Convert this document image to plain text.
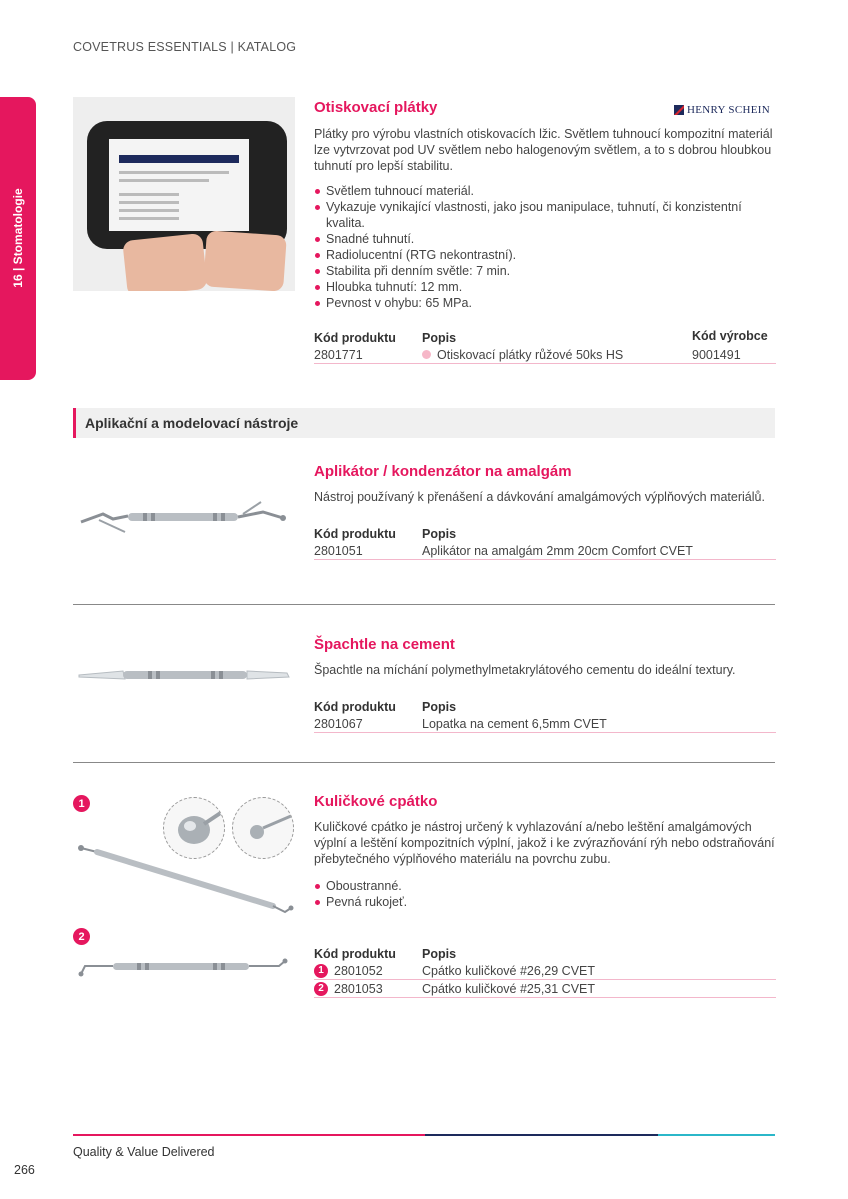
COVETRUS ESSENTIALS | KATALOG
16 | Stomatologie
Otiskovací plátky	HENRY SCHEIN
Plátky pro výrobu vlastních otiskovacích lžic. Světlem tuhnoucí kompozitní materiál lze vytvrzovat pod UV světlem nebo halogenovým světlem, a to s dobrou hloubkou tuhnutí pro lepší stabilitu.
Světlem tuhnoucí materiál.
Vykazuje vynikající vlastnosti, jako jsou manipulace, tuhnutí, či konzistentní kvalita.
Snadné tuhnutí.
Radiolucentní (RTG nekontrastní).
Stabilita při denním světle: 7 min.
Hloubka tuhnutí: 12 mm.
Pevnost v ohybu: 65 MPa.
Kód produktu	Popis	Kód výrobce
2801771	Otiskovací plátky růžové 50ks HS	9001491
Aplikační a modelovací nástroje
Aplikátor / kondenzátor na amalgám
Nástroj používaný k přenášení a dávkování amalgámových výplňových materiálů.
Kód produktu	Popis
2801051	Aplikátor na amalgám 2mm 20cm Comfort CVET
Špachtle na cement
Špachtle na míchání polymethylmetakrylátového cementu do ideální textury.
Kód produktu	Popis
2801067	Lopatka na cement 6,5mm CVET
1
2
Kuličkové cpátko
Kuličkové cpátko je nástroj určený k vyhlazování a/nebo leštění amalgámových výplní a leštění kompozitních výplní, jakož i ke zvýrazňování rýh nebo odstraňování přebytečného výplňového materiálu na povrchu zubu.
Oboustranné.
Pevná rukojeť.
Kód produktu	Popis
1 2801052	Cpátko kuličkové #26,29 CVET
2 2801053	Cpátko kuličkové #25,31 CVET
Quality & Value Delivered
266
